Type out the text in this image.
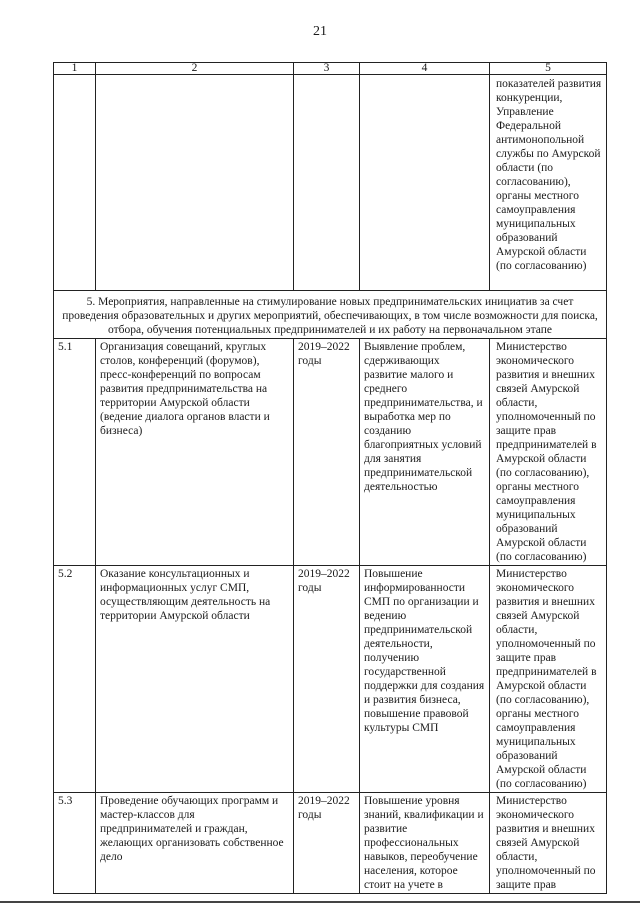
21
1	2	3	4	5

				показателей развития конкуренции, Управление Федеральной антимонопольной службы по Амурской области (по согласованию), органы местного самоуправления муниципальных образований Амурской области (по согласованию)

5. Мероприятия, направленные на стимулирование новых предпринимательских инициатив за счет проведения образовательных и других мероприятий, обеспечивающих, в том числе возможности для поиска, отбора, обучения потенциальных предпринимателей и их работу на первоначальном этапе				
5.1	Организация совещаний, круглых столов, конференций (форумов), пресс-конференций по вопросам развития предпринимательства на территории Амурской области (ведение диалога органов власти и бизнеса)	2019–2022 годы	Выявление проблем, сдерживающих развитие малого и среднего предпринимательства, и выработка мер по созданию благоприятных условий для занятия предпринимательской деятельностью	Министерство экономического развития и внешних связей Амурской области, уполномоченный по защите прав предпринимателей в Амурской области (по согласованию), органы местного самоуправления муниципальных образований Амурской области (по согласованию)
5.2	Оказание консультационных и информационных услуг СМП, осуществляющим деятельность на территории Амурской области	2019–2022 годы	Повышение информированности СМП по организации и ведению предпринимательской деятельности, получению государственной поддержки для создания и развития бизнеса, повышение правовой культуры СМП	Министерство экономического развития и внешних связей Амурской области, уполномоченный по защите прав предпринимателей в Амурской области (по согласованию), органы местного самоуправления муниципальных образований Амурской области (по согласованию)
5.3	Проведение обучающих программ и мастер-классов для предпринимателей и граждан, желающих организовать собственное дело	2019–2022 годы	Повышение уровня знаний, квалификации и развитие профессиональных навыков, переобучение населения, которое стоит на учете в	Министерство экономического развития и внешних связей Амурской области, уполномоченный по защите прав
